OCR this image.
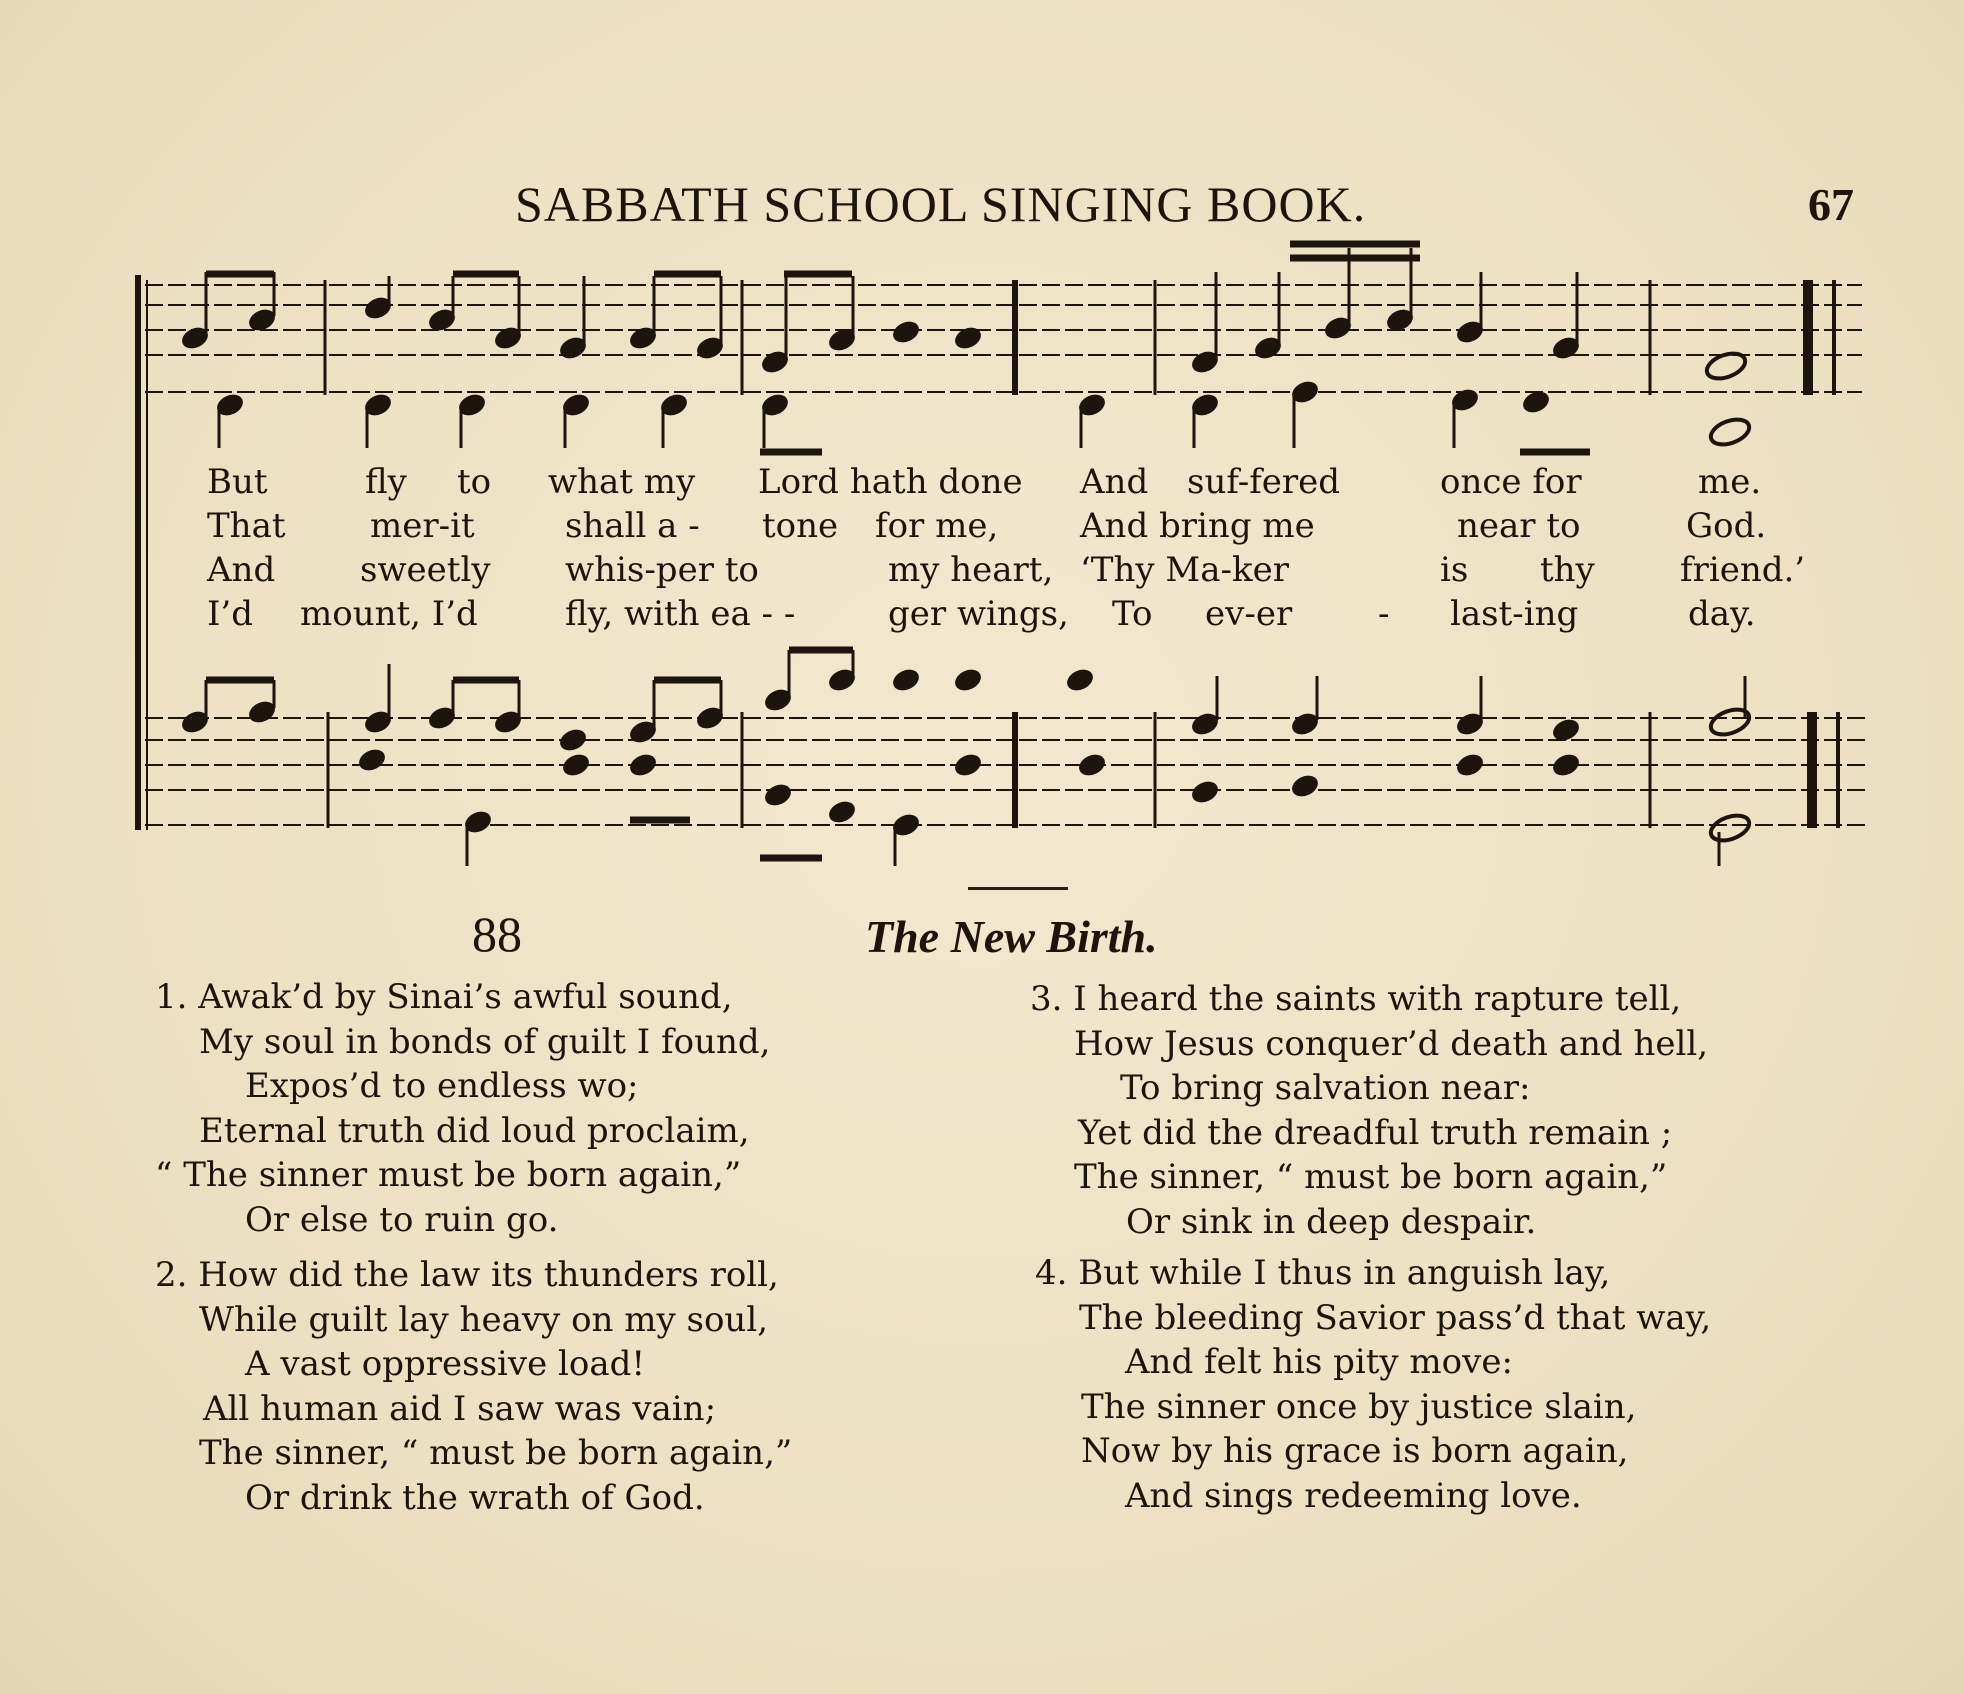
SABBATH SCHOOL SINGING BOOK.	67
But	fly to what my Lord hath done And suf-fered	once for	me.
That mer-it	shall a - tone for me, And bring me	near to	God.
And sweetly whis-per to	my heart, ‘Thy Ma-ker	is thy	friend.’
I’d mount, I’d	fly, with ea - -	ger wings, To ev-er	- last-ing	day.
88	The New Birth.
1. Awak’d by Sinai’s awful sound,
My soul in bonds of guilt I found,
Expos’d to endless wo;
Eternal truth did loud proclaim,
“ The sinner must be born again,”
Or else to ruin go.
2. How did the law its thunders roll,
While guilt lay heavy on my soul,
A vast oppressive load!
All human aid I saw was vain;
The sinner, “ must be born again,”
Or drink the wrath of God.
3. I heard the saints with rapture tell,
How Jesus conquer’d death and hell,
To bring salvation near:
Yet did the dreadful truth remain ;
The sinner, “ must be born again,”
Or sink in deep despair.
4. But while I thus in anguish lay,
The bleeding Savior pass’d that way,
And felt his pity move:
The sinner once by justice slain,
Now by his grace is born again,
And sings redeeming love.
